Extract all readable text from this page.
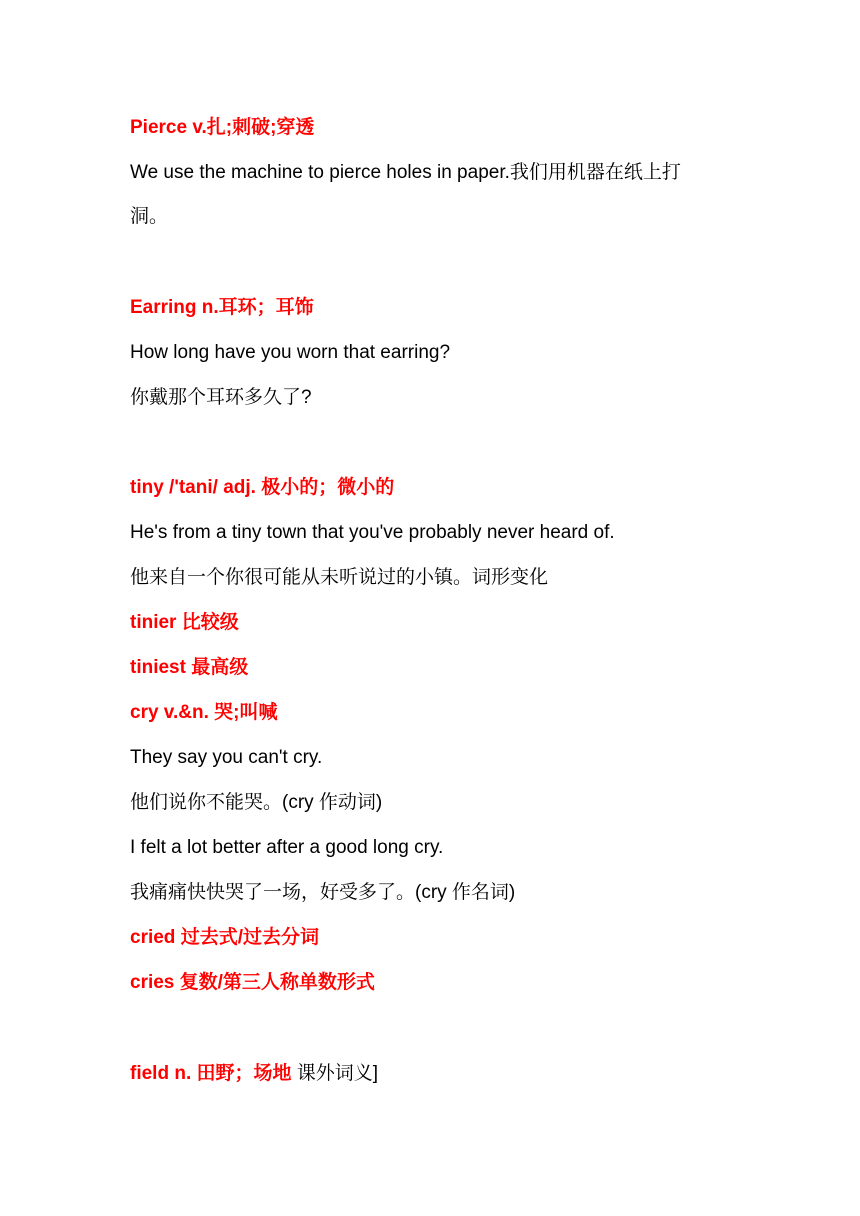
Pierce v.扎;刺破;穿透
We use the machine to pierce holes in paper.我们用机器在纸上打
洞。
Earring n.耳环；耳饰
How long have you worn that earring?
你戴那个耳环多久了?
tiny /'tani/ adj. 极小的；微小的
He's from a tiny town that you've probably never heard of.
他来自一个你很可能从未听说过的小镇。词形变化
tinier 比较级
tiniest 最高级
cry v.&n. 哭;叫喊
They say you can't cry.
他们说你不能哭。(cry 作动词)
I felt a lot better after a good long cry.
我痛痛快快哭了一场，好受多了。(cry 作名词)
cried 过去式/过去分词
cries 复数/第三人称单数形式
field n. 田野；场地 课外词义]
